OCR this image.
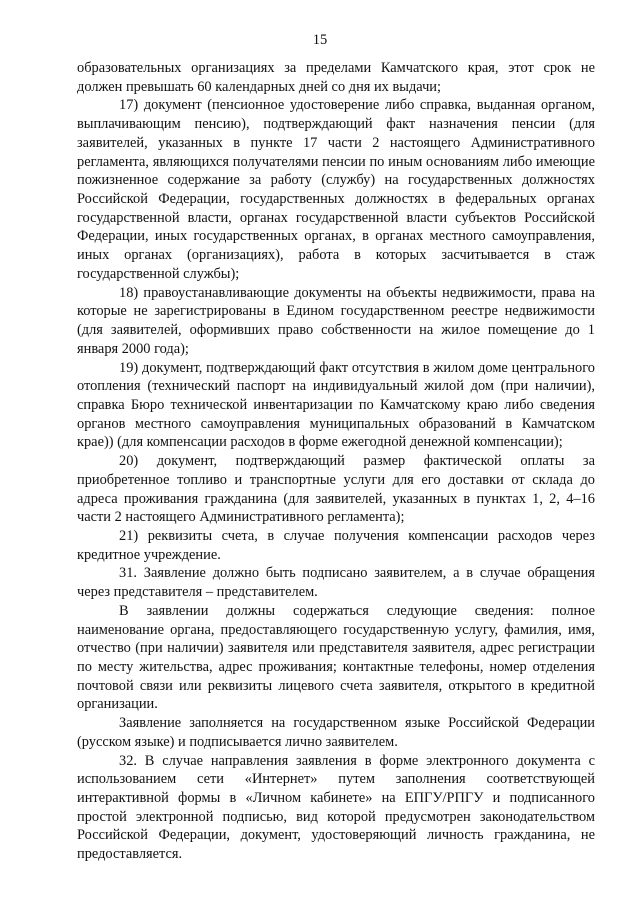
15

образовательных организациях за пределами Камчатского края, этот срок не должен превышать 60 календарных дней со дня их выдачи;

17) документ (пенсионное удостоверение либо справка, выданная органом, выплачивающим пенсию), подтверждающий факт назначения пенсии (для заявителей, указанных в пункте 17 части 2 настоящего Административного регламента, являющихся получателями пенсии по иным основаниям либо имеющие пожизненное содержание за работу (службу) на государственных должностях Российской Федерации, государственных должностях в федеральных органах государственной власти, органах государственной власти субъектов Российской Федерации, иных государственных органах, в органах местного самоуправления, иных органах (организациях), работа в которых засчитывается в стаж государственной службы);

18) правоустанавливающие документы на объекты недвижимости, права на которые не зарегистрированы в Едином государственном реестре недвижимости (для заявителей, оформивших право собственности на жилое помещение до 1 января 2000 года);

19) документ, подтверждающий факт отсутствия в жилом доме центрального отопления (технический паспорт на индивидуальный жилой дом (при наличии), справка Бюро технической инвентаризации по Камчатскому краю либо сведения органов местного самоуправления муниципальных образований в Камчатском крае)) (для компенсации расходов в форме ежегодной денежной компенсации);

20) документ, подтверждающий размер фактической оплаты за приобретенное топливо и транспортные услуги для его доставки от склада до адреса проживания гражданина (для заявителей, указанных в пунктах 1, 2, 4–16 части 2 настоящего Административного регламента);

21) реквизиты счета, в случае получения компенсации расходов через кредитное учреждение.

31. Заявление должно быть подписано заявителем, а в случае обращения через представителя – представителем.

В заявлении должны содержаться следующие сведения: полное наименование органа, предоставляющего государственную услугу, фамилия, имя, отчество (при наличии) заявителя или представителя заявителя, адрес регистрации по месту жительства, адрес проживания; контактные телефоны, номер отделения почтовой связи или реквизиты лицевого счета заявителя, открытого в кредитной организации.

Заявление заполняется на государственном языке Российской Федерации (русском языке) и подписывается лично заявителем.

32. В случае направления заявления в форме электронного документа с использованием сети «Интернет» путем заполнения соответствующей интерактивной формы в «Личном кабинете» на ЕПГУ/РПГУ и подписанного простой электронной подписью, вид которой предусмотрен законодательством Российской Федерации, документ, удостоверяющий личность гражданина, не предоставляется.
